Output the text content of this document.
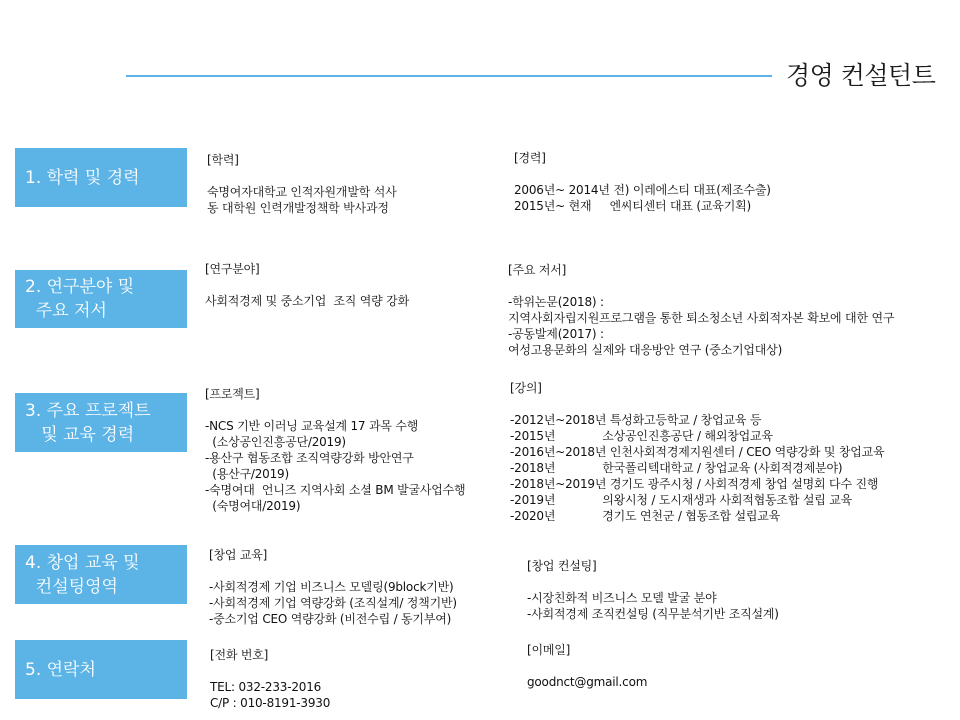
경영 컨설턴트
1. 학력 및 경력
2. 연구분야 및
주요 저서
3. 주요 프로젝트
및 교육 경력
4. 창업 교육 및
컨설팅영역
5. 연락처
[학력]
숙명여자대학교 인적자원개발학 석사
동 대학원 인력개발정책학 박사과정
[경력]
2006년~ 2014년 전) 이레에스티 대표(제조수출)
2015년~ 현재     엔씨티센터 대표 (교육기획)
[연구분야]
사회적경제 및 중소기업  조직 역량 강화
[주요 저서]
-학위논문(2018) :
지역사회자립지원프로그램을 통한 퇴소청소년 사회적자본 확보에 대한 연구
-공동발제(2017) :
여성고용문화의 실제와 대응방안 연구 (중소기업대상)
[프로젝트]
-NCS 기반 이러닝 교육설계 17 과목 수행
(소상공인진흥공단/2019)
-용산구 협동조합 조직역량강화 방안연구
(용산구/2019)
-숙명여대  언니즈 지역사회 소셜 BM 발굴사업수행
(숙명여대/2019)
[강의]
-2012년~2018년 특성화고등학교 / 창업교육 등
-2015년             소상공인진흥공단 / 해외창업교육
-2016년~2018년 인천사회적경제지원센터 / CEO 역량강화 및 창업교육
-2018년             한국폴리텍대학교 / 창업교육 (사회적경제분야)
-2018년~2019년 경기도 광주시청 / 사회적경제 창업 설명회 다수 진행
-2019년             의왕시청 / 도시재생과 사회적협동조합 설립 교육
-2020년             경기도 연천군 / 협동조합 설립교육
[창업 교육]
-사회적경제 기업 비즈니스 모델링(9block기반)
-사회적경제 기업 역량강화 (조직설계/ 정책기반)
-중소기업 CEO 역량강화 (비전수립 / 동기부여)
[창업 컨설팅]
-시장친화적 비즈니스 모델 발굴 분야
-사회적경제 조직컨설팅 (직무분석기반 조직설계)
[전화 번호]
TEL: 032-233-2016
C/P : 010-8191-3930
[이메일]
goodnct@gmail.com
